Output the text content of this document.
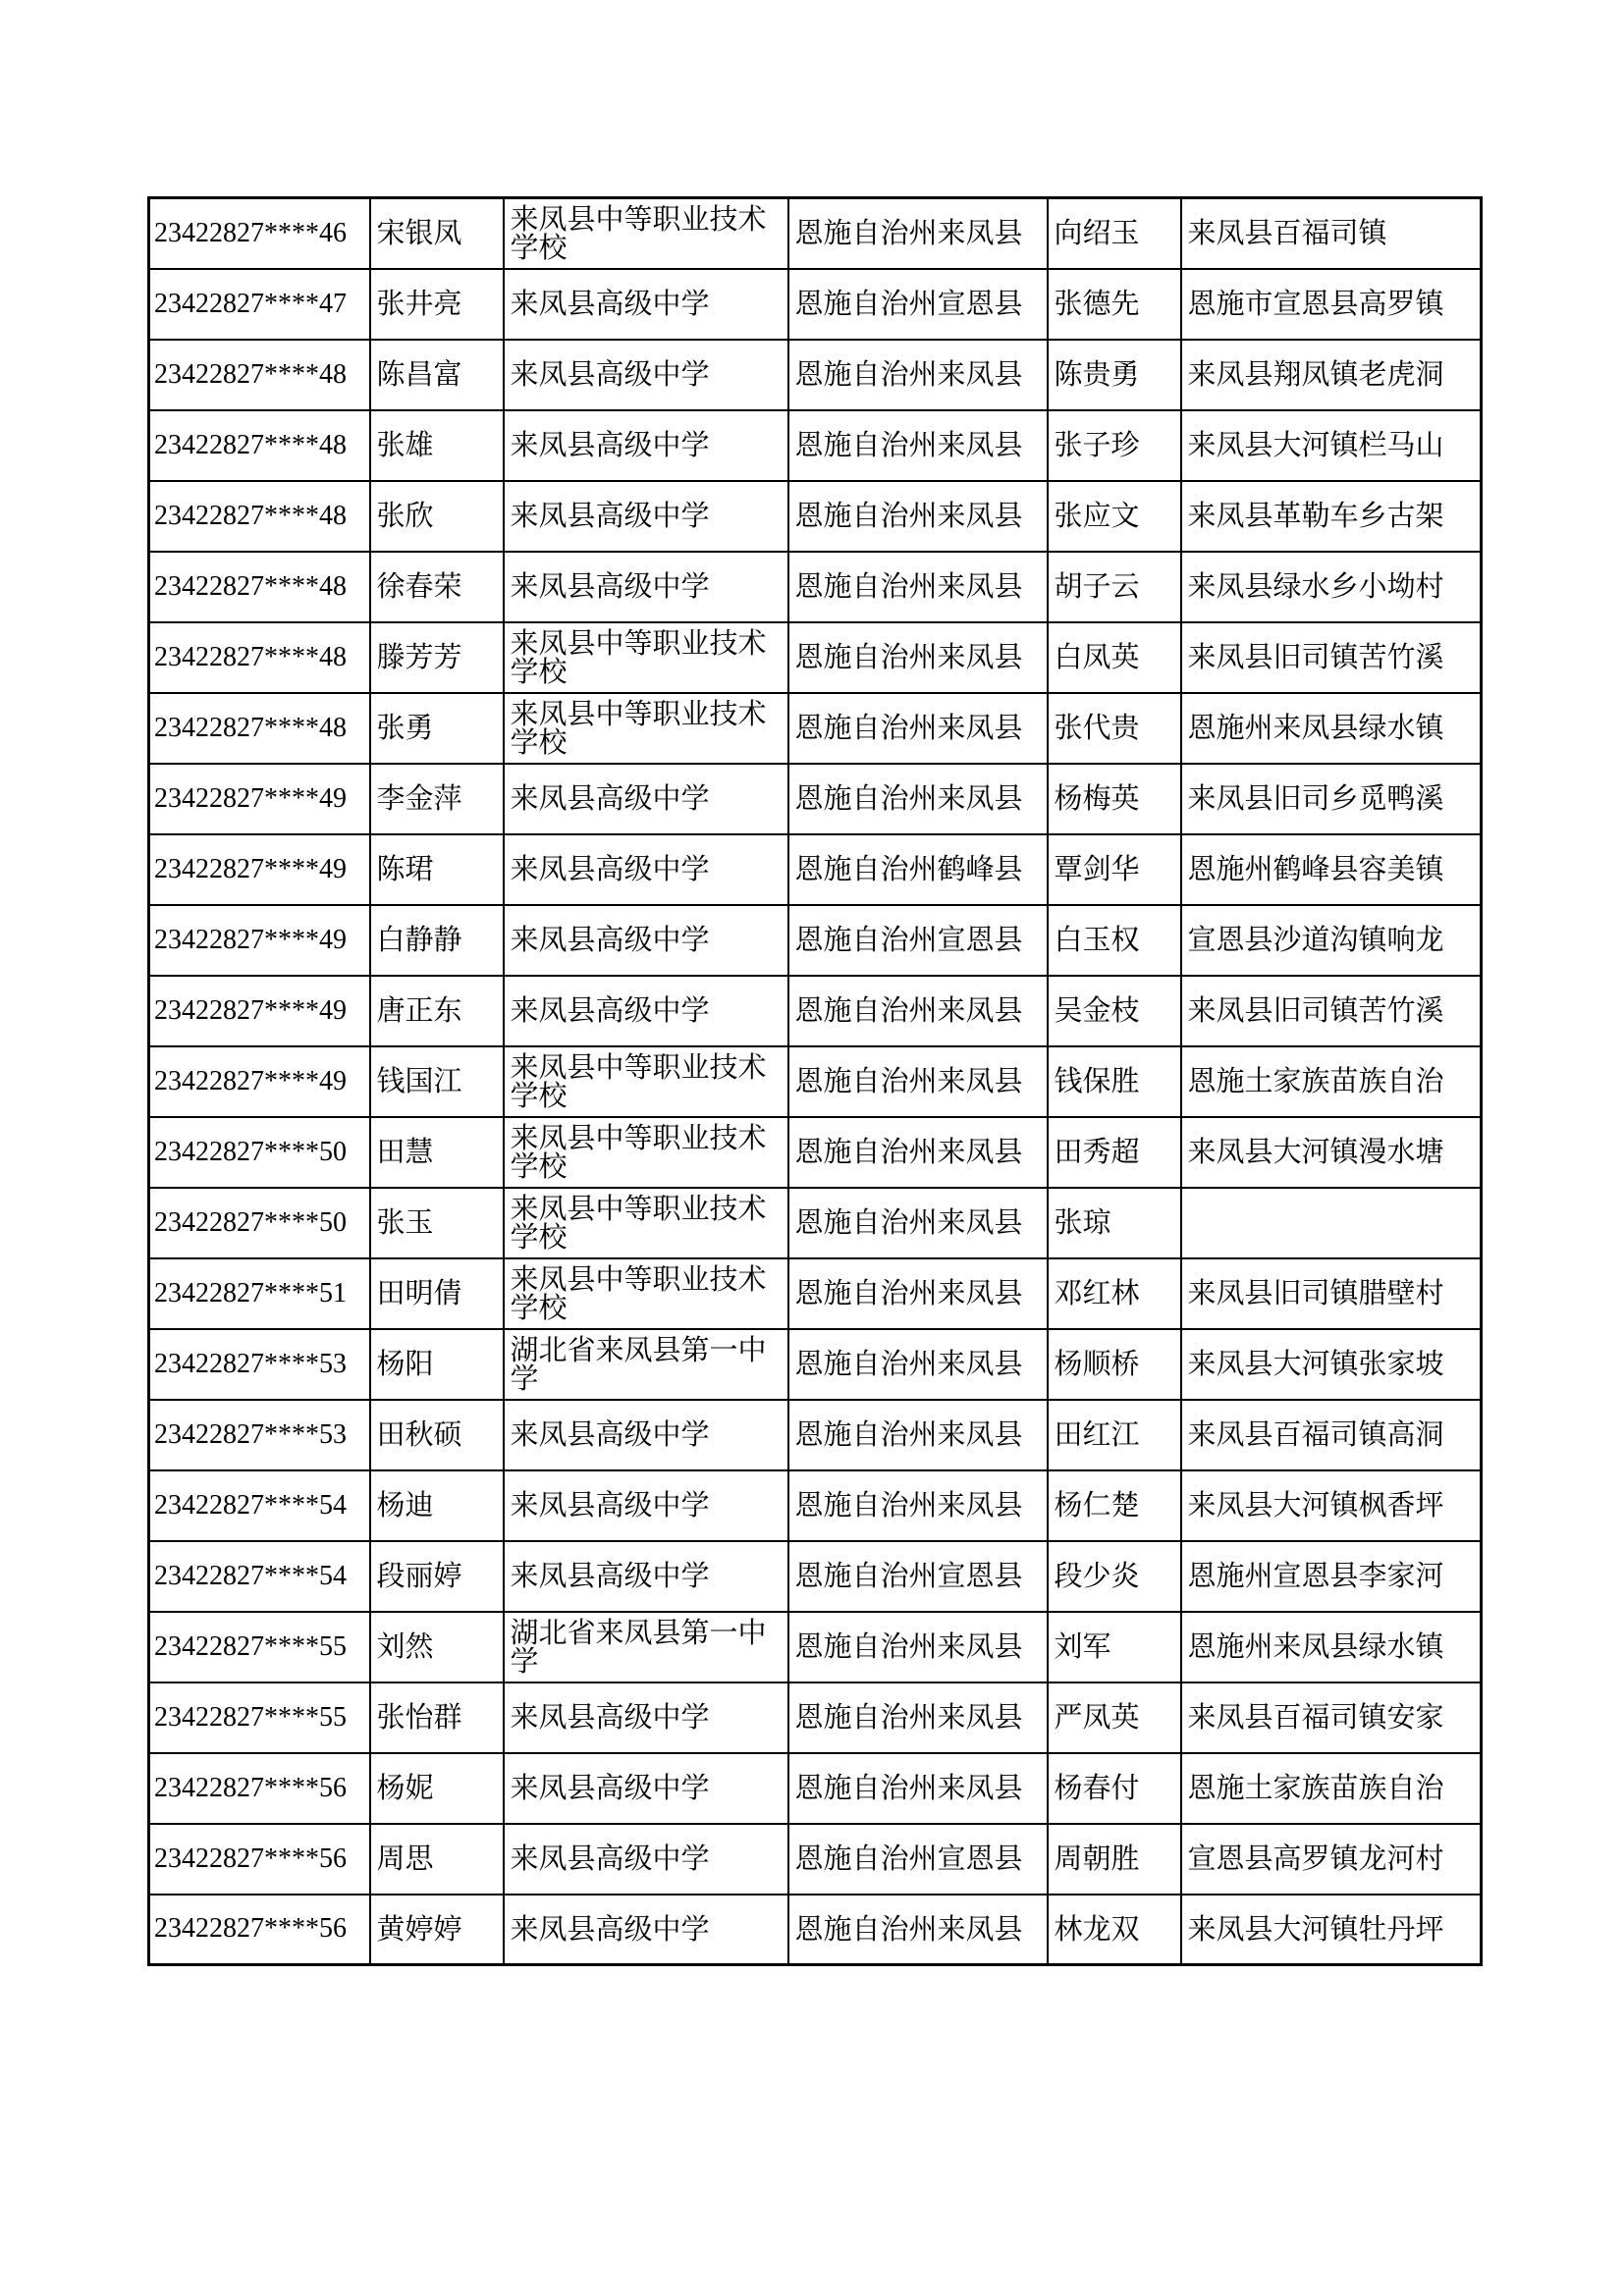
23422827****46	宋银凤	来凤县中等职业技术学校	恩施自治州来凤县	向绍玉	来凤县百福司镇
23422827****47	张井亮	来凤县高级中学	恩施自治州宣恩县	张德先	恩施市宣恩县高罗镇
23422827****48	陈昌富	来凤县高级中学	恩施自治州来凤县	陈贵勇	来凤县翔凤镇老虎洞
23422827****48	张雄	来凤县高级中学	恩施自治州来凤县	张子珍	来凤县大河镇栏马山
23422827****48	张欣	来凤县高级中学	恩施自治州来凤县	张应文	来凤县革勒车乡古架
23422827****48	徐春荣	来凤县高级中学	恩施自治州来凤县	胡子云	来凤县绿水乡小坳村
23422827****48	滕芳芳	来凤县中等职业技术学校	恩施自治州来凤县	白凤英	来凤县旧司镇苦竹溪
23422827****48	张勇	来凤县中等职业技术学校	恩施自治州来凤县	张代贵	恩施州来凤县绿水镇
23422827****49	李金萍	来凤县高级中学	恩施自治州来凤县	杨梅英	来凤县旧司乡觅鸭溪
23422827****49	陈珺	来凤县高级中学	恩施自治州鹤峰县	覃剑华	恩施州鹤峰县容美镇
23422827****49	白静静	来凤县高级中学	恩施自治州宣恩县	白玉权	宣恩县沙道沟镇响龙
23422827****49	唐正东	来凤县高级中学	恩施自治州来凤县	吴金枝	来凤县旧司镇苦竹溪
23422827****49	钱国江	来凤县中等职业技术学校	恩施自治州来凤县	钱保胜	恩施土家族苗族自治
23422827****50	田慧	来凤县中等职业技术学校	恩施自治州来凤县	田秀超	来凤县大河镇漫水塘
23422827****50	张玉	来凤县中等职业技术学校	恩施自治州来凤县	张琼	
23422827****51	田明倩	来凤县中等职业技术学校	恩施自治州来凤县	邓红林	来凤县旧司镇腊壁村
23422827****53	杨阳	湖北省来凤县第一中学	恩施自治州来凤县	杨顺桥	来凤县大河镇张家坡
23422827****53	田秋硕	来凤县高级中学	恩施自治州来凤县	田红江	来凤县百福司镇高洞
23422827****54	杨迪	来凤县高级中学	恩施自治州来凤县	杨仁楚	来凤县大河镇枫香坪
23422827****54	段丽婷	来凤县高级中学	恩施自治州宣恩县	段少炎	恩施州宣恩县李家河
23422827****55	刘然	湖北省来凤县第一中学	恩施自治州来凤县	刘军	恩施州来凤县绿水镇
23422827****55	张怡群	来凤县高级中学	恩施自治州来凤县	严凤英	来凤县百福司镇安家
23422827****56	杨妮	来凤县高级中学	恩施自治州来凤县	杨春付	恩施土家族苗族自治
23422827****56	周思	来凤县高级中学	恩施自治州宣恩县	周朝胜	宣恩县高罗镇龙河村
23422827****56	黄婷婷	来凤县高级中学	恩施自治州来凤县	林龙双	来凤县大河镇牡丹坪
